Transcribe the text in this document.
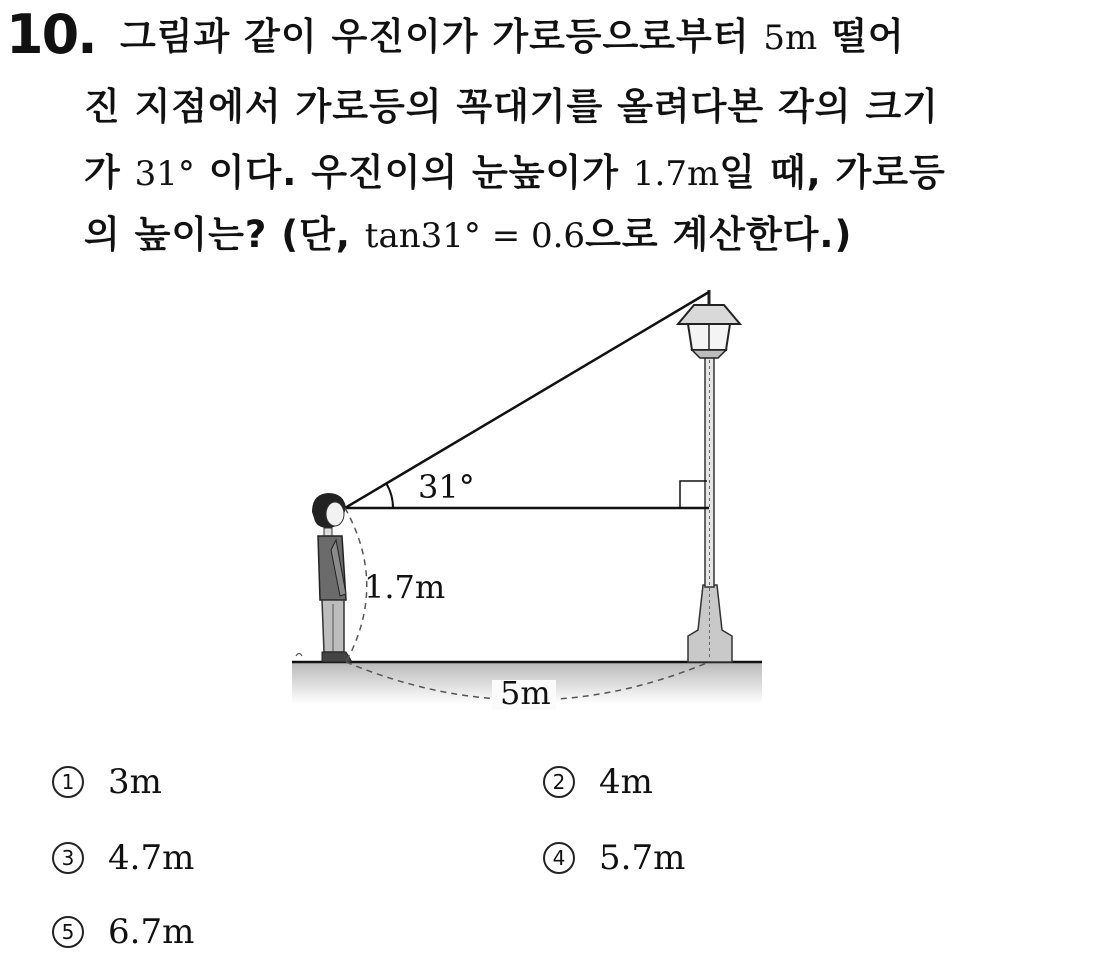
10. 그림과 같이 우진이가 가로등으로부터 5m 떨어
진 지점에서 가로등의 꼭대기를 올려다본 각의 크기
가 31° 이다. 우진이의 눈높이가 1.7m일 때, 가로등
의 높이는? (단, tan31° = 0.6으로 계산한다.)
31°
1.7m
5m
1 3m	2 4m
3 4.7m	4 5.7m
5 6.7m
